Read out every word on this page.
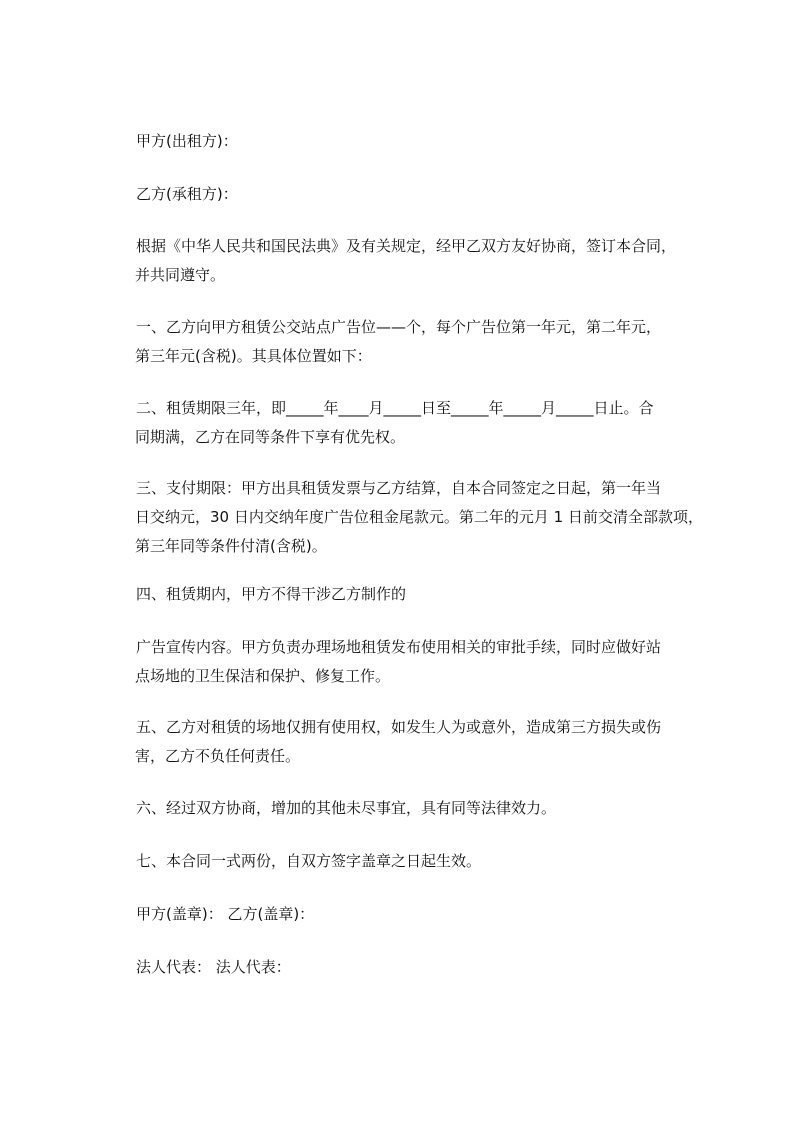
甲方(出租方)：

乙方(承租方)：

根据《中华人民共和国民法典》及有关规定，经甲乙双方友好协商，签订本合同，
并共同遵守。

一、乙方向甲方租赁公交站点广告位——个，每个广告位第一年元，第二年元，
第三年元(含税)。其具体位置如下：

二、租赁期限三年，即_____年____月_____日至_____年_____月_____日止。合
同期满，乙方在同等条件下享有优先权。

三、支付期限：甲方出具租赁发票与乙方结算，自本合同签定之日起，第一年当
日交纳元，30 日内交纳年度广告位租金尾款元。第二年的元月 1 日前交清全部款项，
第三年同等条件付清(含税)。

四、租赁期内，甲方不得干涉乙方制作的

广告宣传内容。甲方负责办理场地租赁发布使用相关的审批手续，同时应做好站
点场地的卫生保洁和保护、修复工作。

五、乙方对租赁的场地仅拥有使用权，如发生人为或意外，造成第三方损失或伤
害，乙方不负任何责任。

六、经过双方协商，增加的其他未尽事宜，具有同等法律效力。

七、本合同一式两份，自双方签字盖章之日起生效。

甲方(盖章)： 乙方(盖章)：

法人代表： 法人代表：
